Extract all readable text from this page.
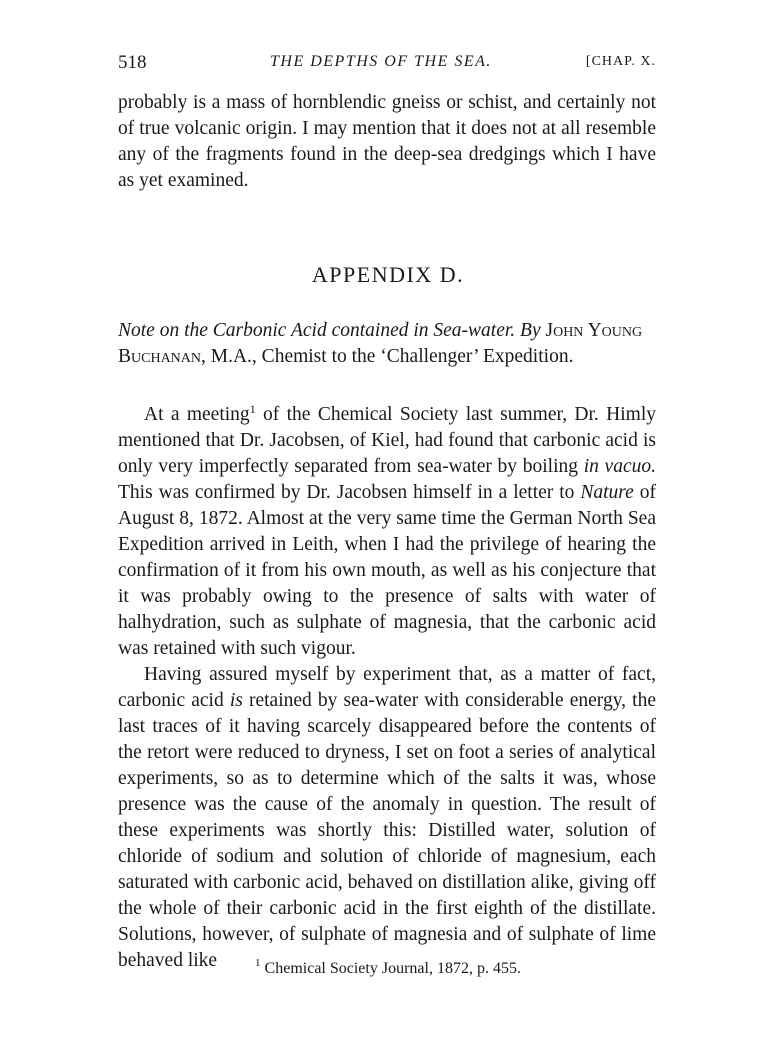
518	THE DEPTHS OF THE SEA.	[CHAP. X.

probably is a mass of hornblendic gneiss or schist, and certainly not of true volcanic origin. I may mention that it does not at all resemble any of the fragments found in the deep-sea dredgings which I have as yet examined.

APPENDIX D.
Note on the Carbonic Acid contained in Sea-water. By John Young Buchanan, M.A., Chemist to the ‘Challenger’ Expedition.

At a meeting$^1$ of the Chemical Society last summer, Dr. Himly mentioned that Dr. Jacobsen, of Kiel, had found that carbonic acid is only very imperfectly separated from sea-water by boiling in vacuo. This was confirmed by Dr. Jacobsen himself in a letter to Nature of August 8, 1872. Almost at the very same time the German North Sea Expedition arrived in Leith, when I had the privilege of hearing the confirmation of it from his own mouth, as well as his conjecture that it was probably owing to the presence of salts with water of halhydration, such as sulphate of magnesia, that the carbonic acid was retained with such vigour.

Having assured myself by experiment that, as a matter of fact, carbonic acid is retained by sea-water with considerable energy, the last traces of it having scarcely disappeared before the contents of the retort were reduced to dryness, I set on foot a series of analytical experiments, so as to determine which of the salts it was, whose presence was the cause of the anomaly in question. The result of these experiments was shortly this: Distilled water, solution of chloride of sodium and solution of chloride of magnesium, each saturated with carbonic acid, behaved on distillation alike, giving off the whole of their carbonic acid in the first eighth of the distillate. Solutions, however, of sulphate of magnesia and of sulphate of lime behaved like	$^1$ Chemical Society Journal, 1872, p. 455.
